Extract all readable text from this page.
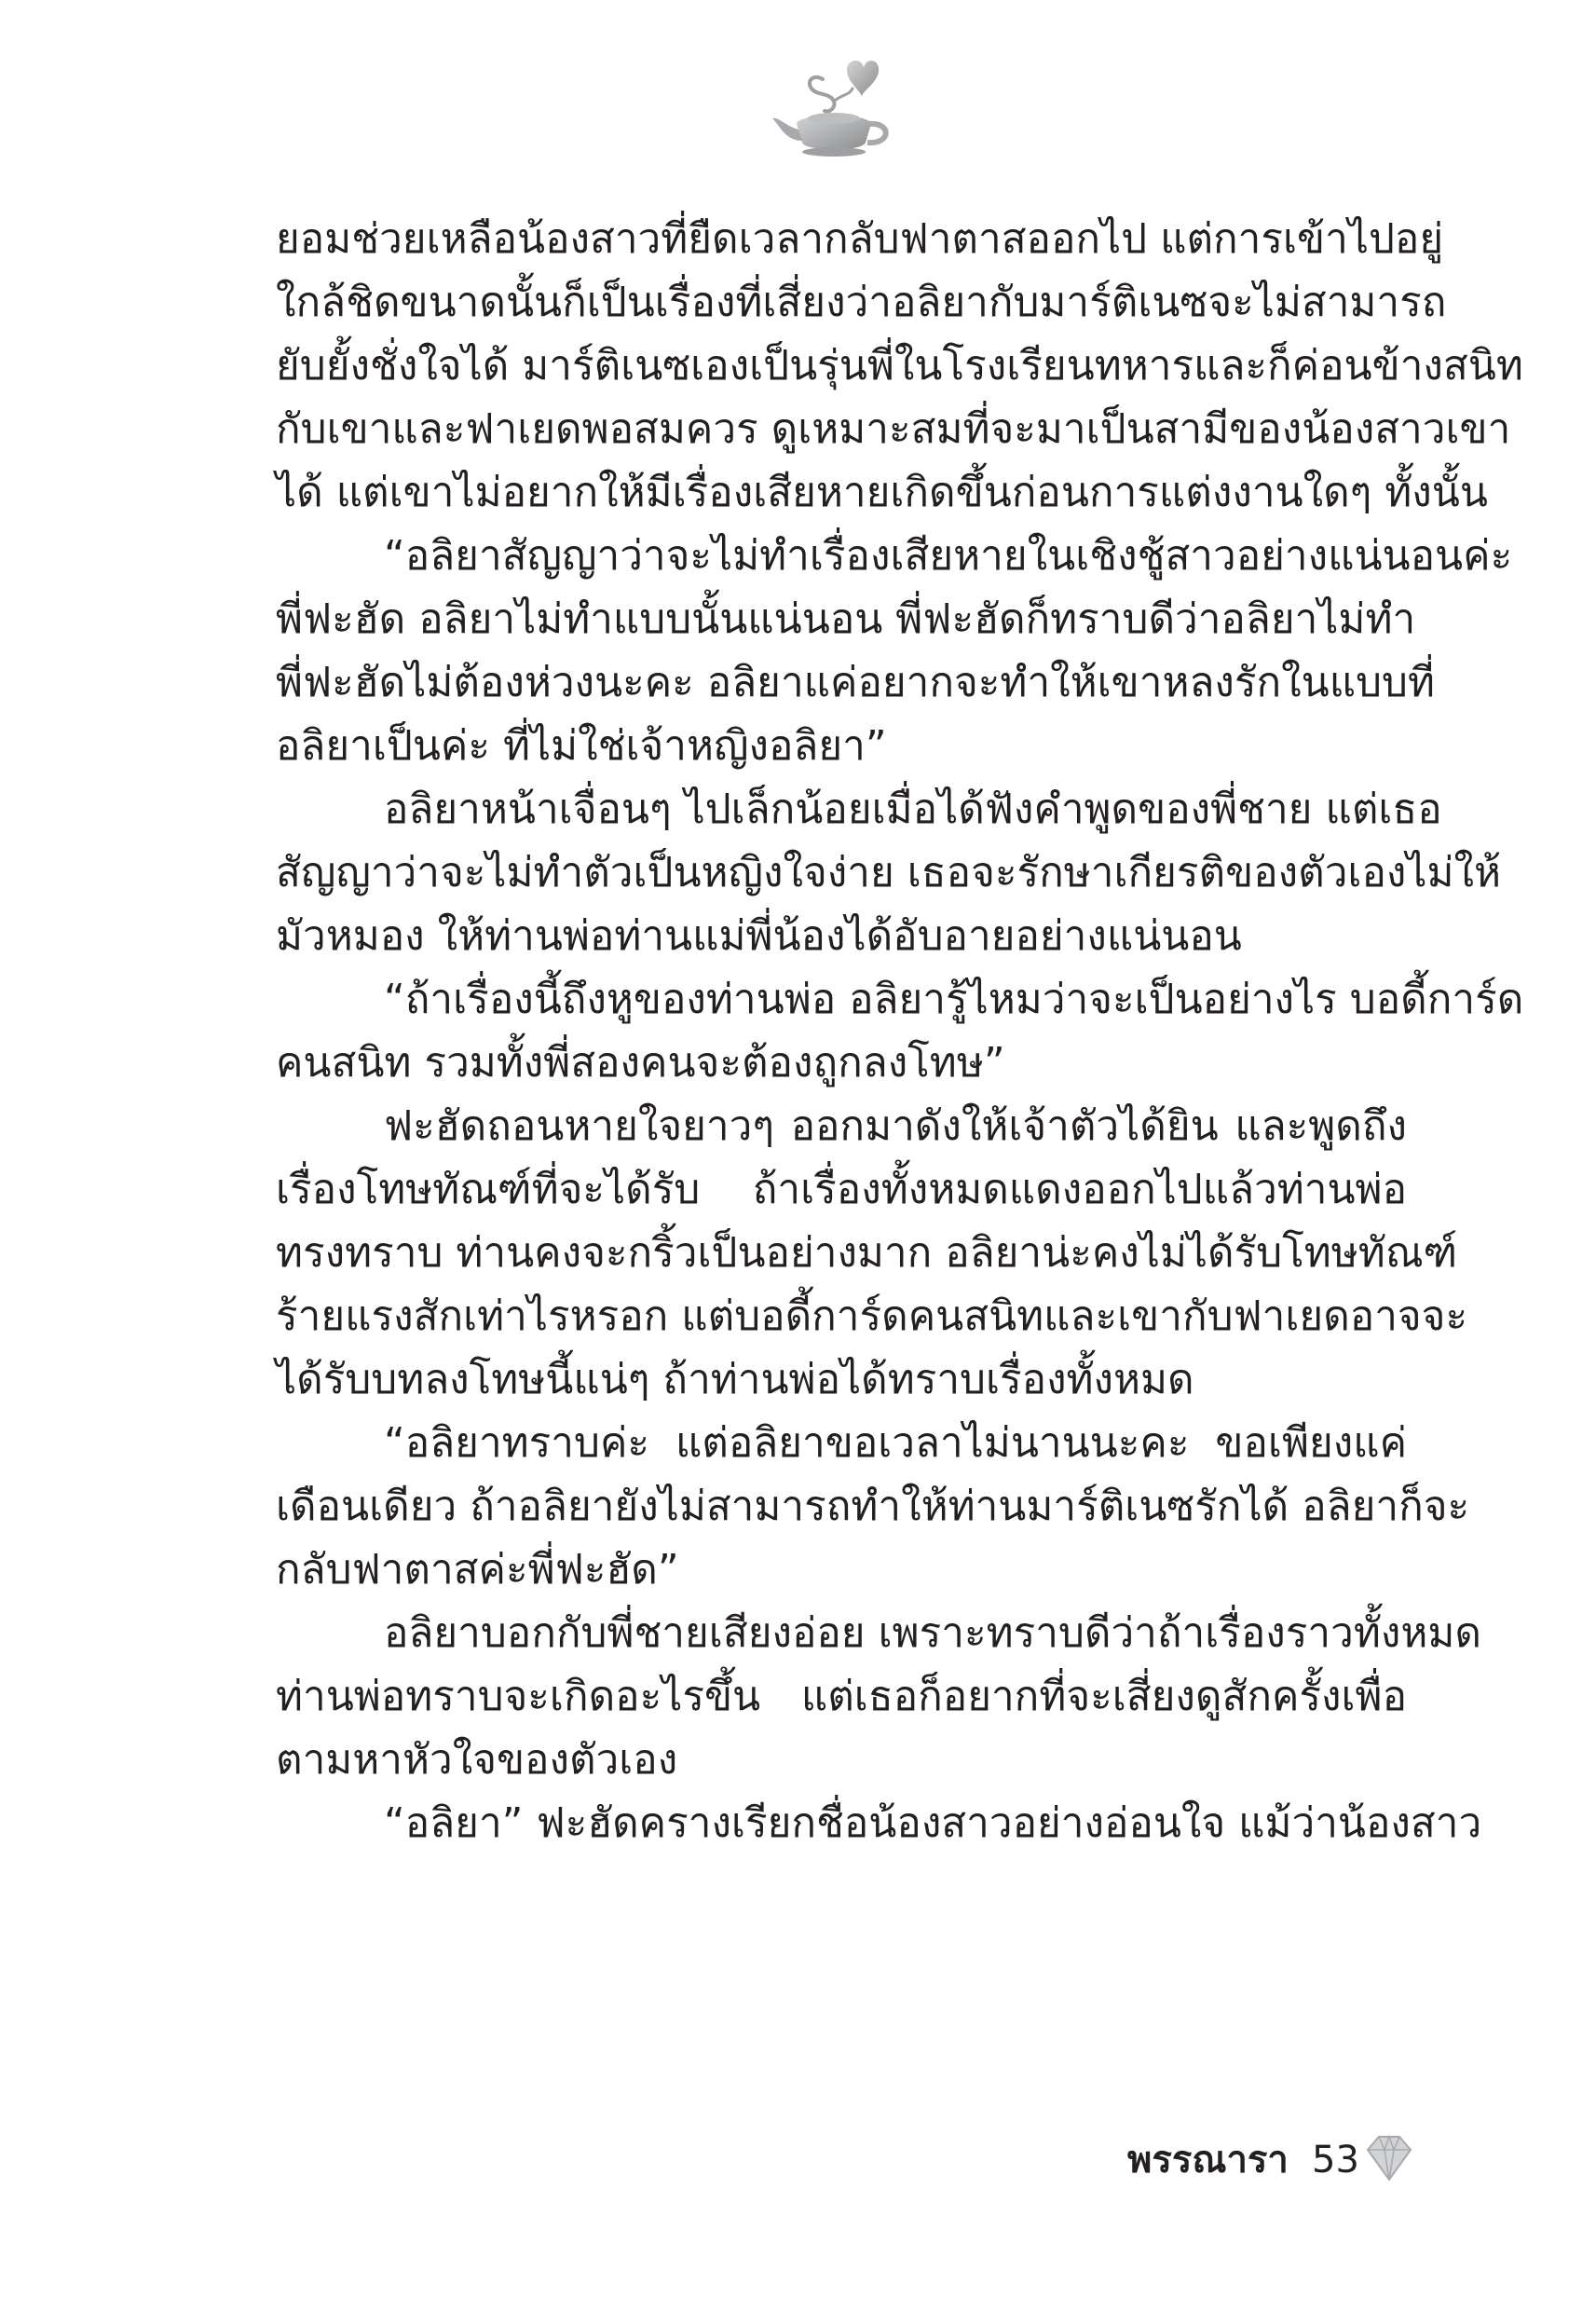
ยอมช่วยเหลือน้องสาวที่ยืดเวลากลับฟาตาสออกไป แต่การเข้าไปอยู่
ใกล้ชิดขนาดนั้นก็เป็นเรื่องที่เสี่ยงว่าอลิยากับมาร์ติเนซจะไม่สามารถ
ยับยั้งชั่งใจได้ มาร์ติเนซเองเป็นรุ่นพี่ในโรงเรียนทหารและก็ค่อนข้างสนิท
กับเขาและฟาเยดพอสมควร ดูเหมาะสมที่จะมาเป็นสามีของน้องสาวเขา
ได้ แต่เขาไม่อยากให้มีเรื่องเสียหายเกิดขึ้นก่อนการแต่งงานใดๆ ทั้งนั้น
“อลิยาสัญญาว่าจะไม่ทำเรื่องเสียหายในเชิงชู้สาวอย่างแน่นอนค่ะ
พี่ฟะฮัด อลิยาไม่ทำแบบนั้นแน่นอน พี่ฟะฮัดก็ทราบดีว่าอลิยาไม่ทำ
พี่ฟะฮัดไม่ต้องห่วงนะคะ อลิยาแค่อยากจะทำให้เขาหลงรักในแบบที่
อลิยาเป็นค่ะ ที่ไม่ใช่เจ้าหญิงอลิยา”
อลิยาหน้าเจื่อนๆ ไปเล็กน้อยเมื่อได้ฟังคำพูดของพี่ชาย แต่เธอ
สัญญาว่าจะไม่ทำตัวเป็นหญิงใจง่าย เธอจะรักษาเกียรติของตัวเองไม่ให้
มัวหมอง ให้ท่านพ่อท่านแม่พี่น้องได้อับอายอย่างแน่นอน
“ถ้าเรื่องนี้ถึงหูของท่านพ่อ อลิยารู้ไหมว่าจะเป็นอย่างไร บอดี้การ์ด
คนสนิท รวมทั้งพี่สองคนจะต้องถูกลงโทษ”
ฟะฮัดถอนหายใจยาวๆ ออกมาดังให้เจ้าตัวได้ยิน และพูดถึง
เรื่องโทษทัณฑ์ที่จะได้รับ ถ้าเรื่องทั้งหมดแดงออกไปแล้วท่านพ่อ
ทรงทราบ ท่านคงจะกริ้วเป็นอย่างมาก อลิยาน่ะคงไม่ได้รับโทษทัณฑ์
ร้ายแรงสักเท่าไรหรอก แต่บอดี้การ์ดคนสนิทและเขากับฟาเยดอาจจะ
ได้รับบทลงโทษนี้แน่ๆ ถ้าท่านพ่อได้ทราบเรื่องทั้งหมด
“อลิยาทราบค่ะ แต่อลิยาขอเวลาไม่นานนะคะ ขอเพียงแค่
เดือนเดียว ถ้าอลิยายังไม่สามารถทำให้ท่านมาร์ติเนซรักได้ อลิยาก็จะ
กลับฟาตาสค่ะพี่ฟะฮัด”
อลิยาบอกกับพี่ชายเสียงอ่อย เพราะทราบดีว่าถ้าเรื่องราวทั้งหมด
ท่านพ่อทราบจะเกิดอะไรขึ้น แต่เธอก็อยากที่จะเสี่ยงดูสักครั้งเพื่อ
ตามหาหัวใจของตัวเอง
“อลิยา” ฟะฮัดครางเรียกชื่อน้องสาวอย่างอ่อนใจ แม้ว่าน้องสาว
พรรณารา 53
